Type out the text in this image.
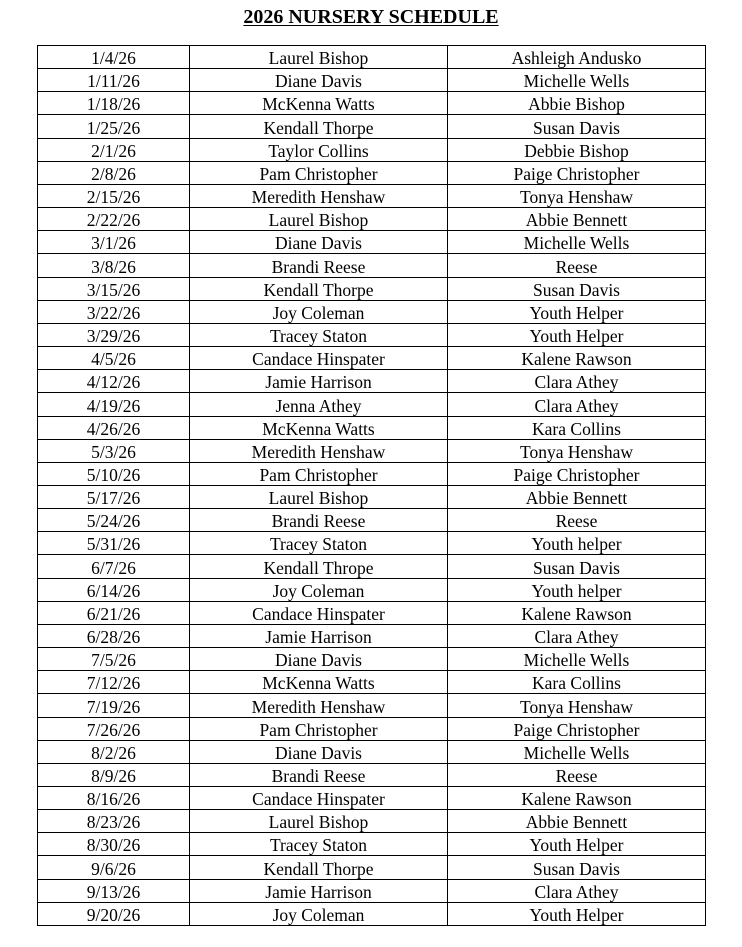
2026 NURSERY SCHEDULE
1/4/26	Laurel Bishop	Ashleigh Andusko
1/11/26	Diane Davis	Michelle Wells
1/18/26	McKenna Watts	Abbie Bishop
1/25/26	Kendall Thorpe	Susan Davis
2/1/26	Taylor Collins	Debbie Bishop
2/8/26	Pam Christopher	Paige Christopher
2/15/26	Meredith Henshaw	Tonya Henshaw
2/22/26	Laurel Bishop	Abbie Bennett
3/1/26	Diane Davis	Michelle Wells
3/8/26	Brandi Reese	Reese
3/15/26	Kendall Thorpe	Susan Davis
3/22/26	Joy Coleman	Youth Helper
3/29/26	Tracey Staton	Youth Helper
4/5/26	Candace Hinspater	Kalene Rawson
4/12/26	Jamie Harrison	Clara Athey
4/19/26	Jenna Athey	Clara Athey
4/26/26	McKenna Watts	Kara Collins
5/3/26	Meredith Henshaw	Tonya Henshaw
5/10/26	Pam Christopher	Paige Christopher
5/17/26	Laurel Bishop	Abbie Bennett
5/24/26	Brandi Reese	Reese
5/31/26	Tracey Staton	Youth helper
6/7/26	Kendall Thrope	Susan Davis
6/14/26	Joy Coleman	Youth helper
6/21/26	Candace Hinspater	Kalene Rawson
6/28/26	Jamie Harrison	Clara Athey
7/5/26	Diane Davis	Michelle Wells
7/12/26	McKenna Watts	Kara Collins
7/19/26	Meredith Henshaw	Tonya Henshaw
7/26/26	Pam Christopher	Paige Christopher
8/2/26	Diane Davis	Michelle Wells
8/9/26	Brandi Reese	Reese
8/16/26	Candace Hinspater	Kalene Rawson
8/23/26	Laurel Bishop	Abbie Bennett
8/30/26	Tracey Staton	Youth Helper
9/6/26	Kendall Thorpe	Susan Davis
9/13/26	Jamie Harrison	Clara Athey
9/20/26	Joy Coleman	Youth Helper
